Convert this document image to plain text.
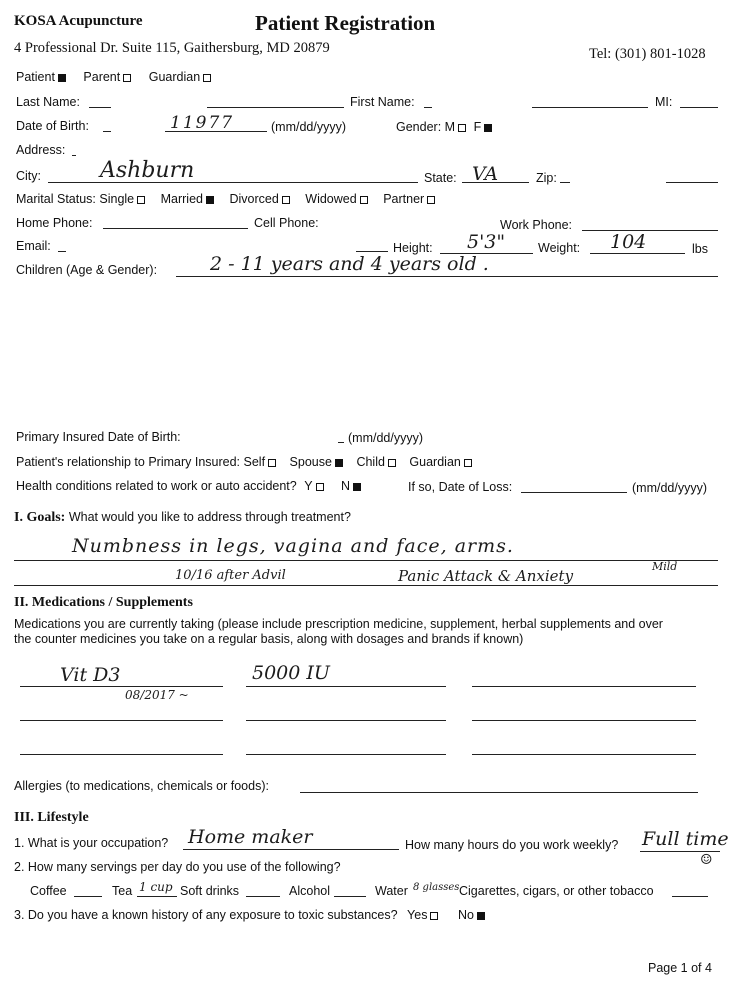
KOSA Acupuncture	Patient Registration
4 Professional Dr. Suite 115, Gaithersburg, MD 20879	Tel: (301) 801-1028
Patient Parent Guardian
Last Name:	First Name:	MI:
Date of Birth:	11977	(mm/dd/yyyy)	Gender: M F
Address:
City:	Ashburn	State: VA	Zip:
Marital Status: Single Married Divorced Widowed Partner
Home Phone:	Cell Phone:	Work Phone:
Email:	Height: 5'3"	Weight: 104	lbs
Children (Age & Gender):	2 - 11 years and 4 years old .
Primary Insured Date of Birth:	(mm/dd/yyyy)
Patient's relationship to Primary Insured: Self Spouse Child Guardian
Health conditions related to work or auto accident? Y N	If so, Date of Loss:	(mm/dd/yyyy)
I. Goals: What would you like to address through treatment?
Numbness in legs, vagina and face, arms.
10/16 after Advil	Panic Attack & Anxiety
Mild
II. Medications / Supplements
Medications you are currently taking (please include prescription medicine, supplement, herbal supplements and over
the counter medicines you take on a regular basis, along with dosages and brands if known)
Vit D3
08/2017 ~
5000 IU
Allergies (to medications, chemicals or foods):
III. Lifestyle
1. What is your occupation? Home maker	How many hours do you work weekly? Full time
☺
2. How many servings per day do you use of the following?
Coffee	Tea 1 cup Soft drinks	Alcohol	Water 8 glasses Cigarettes, cigars, or other tobacco
3. Do you have a known history of any exposure to toxic substances? Yes No
Page 1 of 4
